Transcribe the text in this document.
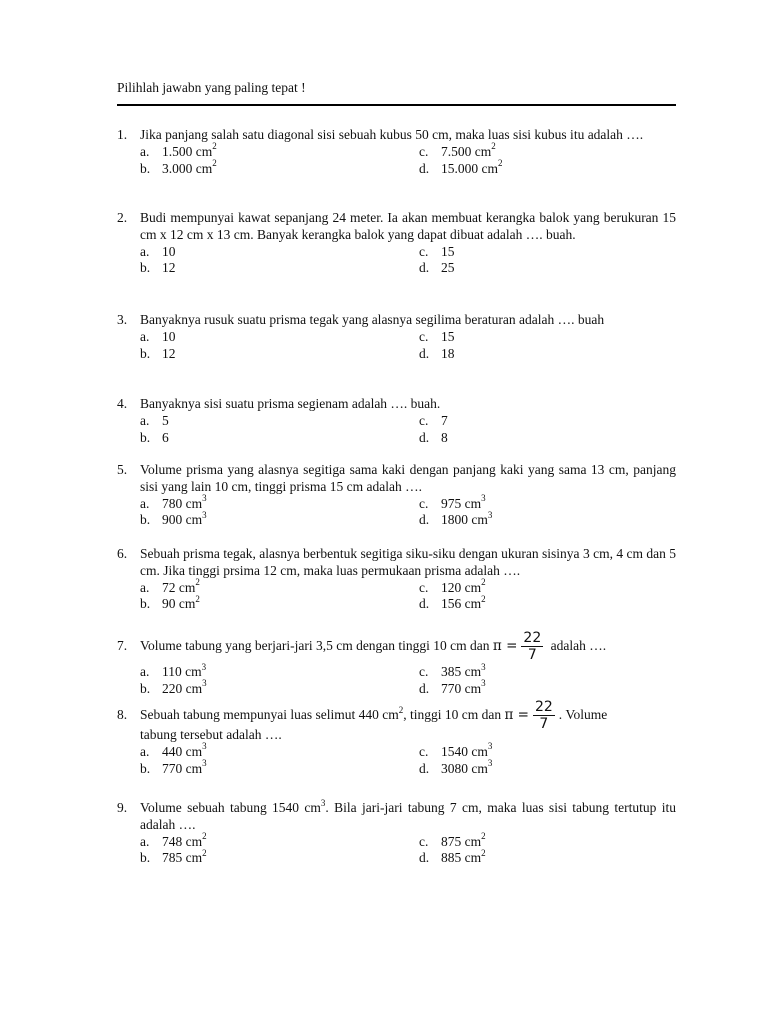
Pilihlah jawabn yang paling tepat !
1. Jika panjang salah satu diagonal sisi sebuah kubus 50 cm, maka luas sisi kubus itu adalah ….
a. 1.500 $cm^2$	c. 7.500 $cm^2$
b. 3.000 $cm^2$	d. 15.000 $cm^2$
2. Budi mempunyai kawat sepanjang 24 meter. Ia akan membuat kerangka balok yang berukuran 15 cm x 12 cm x 13 cm. Banyak kerangka balok yang dapat dibuat adalah …. buah.
a. 10	c. 15
b. 12	d. 25
3. Banyaknya rusuk suatu prisma tegak yang alasnya segilima beraturan adalah …. buah
a. 10	c. 15
b. 12	d. 18
4. Banyaknya sisi suatu prisma segienam adalah …. buah.
a. 5	c. 7
b. 6	d. 8
5. Volume prisma yang alasnya segitiga sama kaki dengan panjang kaki yang sama 13 cm, panjang sisi yang lain 10 cm, tinggi prisma 15 cm adalah ….
a. 780 $cm^3$	c. 975 $cm^3$
b. 900 $cm^3$	d. 1800 $cm^3$
6. Sebuah prisma tegak, alasnya berbentuk segitiga siku-siku dengan ukuran sisinya 3 cm, 4 cm dan 5 cm. Jika tinggi prsima 12 cm, maka luas permukaan prisma adalah ….
a. 72 $cm^2$	c. 120 $cm^2$
b. 90 $cm^2$	d. 156 $cm^2$
7. Volume tabung yang berjari-jari 3,5 cm dengan tinggi 10 cm dan $\pi = \frac{22}{7}$ adalah ….
a. 110 $cm^3$	c. 385 $cm^3$
b. 220 $cm^3$	d. 770 $cm^3$
8. Sebuah tabung mempunyai luas selimut 440 $cm^2$, tinggi 10 cm dan $\pi = \frac{22}{7}$ . Volume
tabung tersebut adalah ….
a. 440 $cm^3$	c. 1540 $cm^3$
b. 770 $cm^3$	d. 3080 $cm^3$
9. Volume sebuah tabung 1540 $cm^3$. Bila jari-jari tabung 7 cm, maka luas sisi tabung tertutup itu adalah ….
a. 748 $cm^2$	c. 875 $cm^2$
b. 785 $cm^2$	d. 885 $cm^2$
